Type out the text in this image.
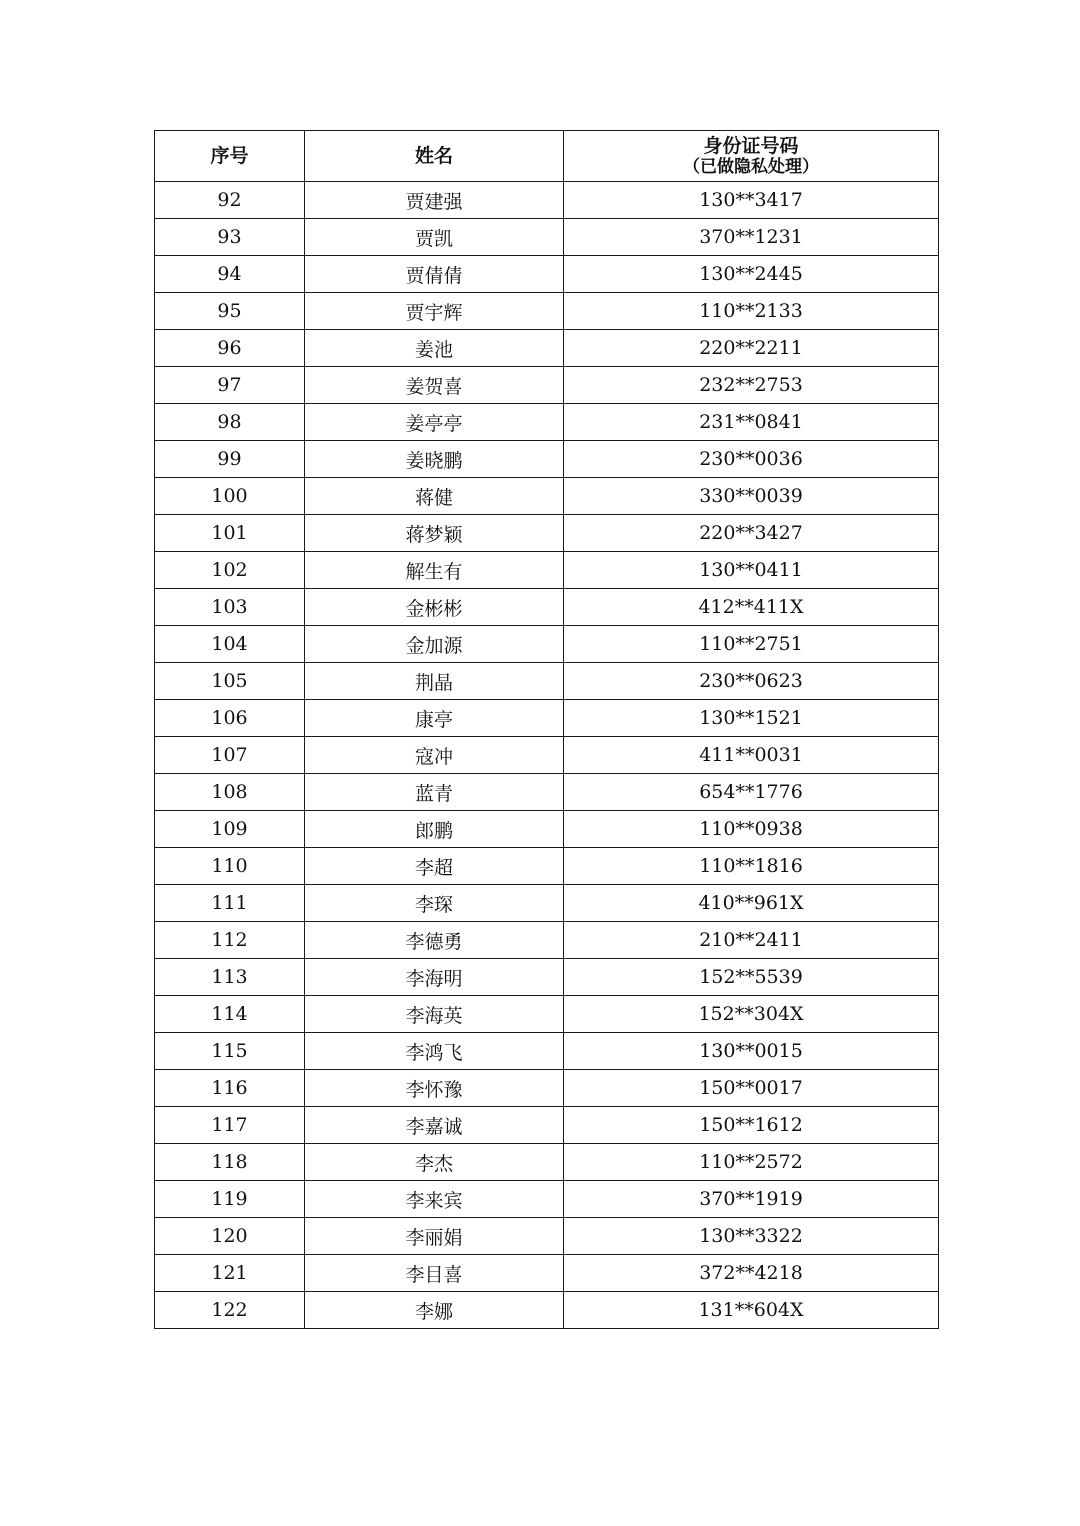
序号	姓名	身份证号码
（已做隐私处理）

92	贾建强	130**3417
93	贾凯	370**1231
94	贾倩倩	130**2445
95	贾宇辉	110**2133
96	姜池	220**2211
97	姜贺喜	232**2753
98	姜亭亭	231**0841
99	姜晓鹏	230**0036
100	蒋健	330**0039
101	蒋梦颖	220**3427
102	解生有	130**0411
103	金彬彬	412**411X
104	金加源	110**2751
105	荆晶	230**0623
106	康亭	130**1521
107	寇冲	411**0031
108	蓝青	654**1776
109	郎鹏	110**0938
110	李超	110**1816
111	李琛	410**961X
112	李德勇	210**2411
113	李海明	152**5539
114	李海英	152**304X
115	李鸿飞	130**0015
116	李怀豫	150**0017
117	李嘉诚	150**1612
118	李杰	110**2572
119	李来宾	370**1919
120	李丽娟	130**3322
121	李目喜	372**4218
122	李娜	131**604X
